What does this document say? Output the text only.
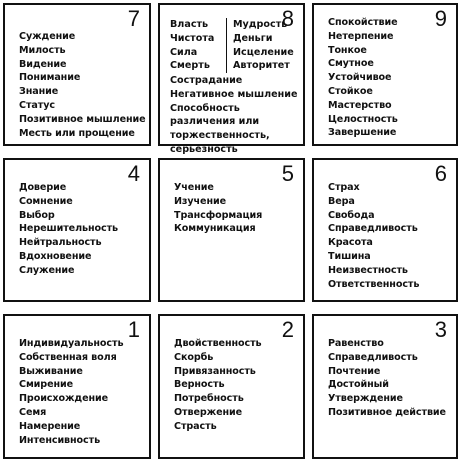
7
Суждение
Милость
Видение
Понимание
Знание
Статус
Позитивное мышление
Месть или прощение
8
Власть	Мудрость
Чистота	Деньги
Сила	Исцеление
Смерть	Авторитет
Сострадание
Негативное мышление
Способность различения или торжественность, серьёзность
9
Спокойствие
Нетерпение
Тонкое
Смутное
Устойчивое
Стойкое
Мастерство
Целостность
Завершение
4
Доверие
Сомнение
Выбор
Нерешительность
Нейтральность
Вдохновение
Служение
5
Учение
Изучение
Трансформация
Коммуникация
6
Страх
Вера
Свобода
Справедливость
Красота
Тишина
Неизвестность
Ответственность
1
Индивидуальность
Собственная воля
Выживание
Смирение
Происхождение
Семя
Намерение
Интенсивность
2
Двойственность
Скорбь
Привязанность
Верность
Потребность
Отвержение
Страсть
3
Равенство
Справедливость
Почтение
Достойный
Утверждение
Позитивное действие
